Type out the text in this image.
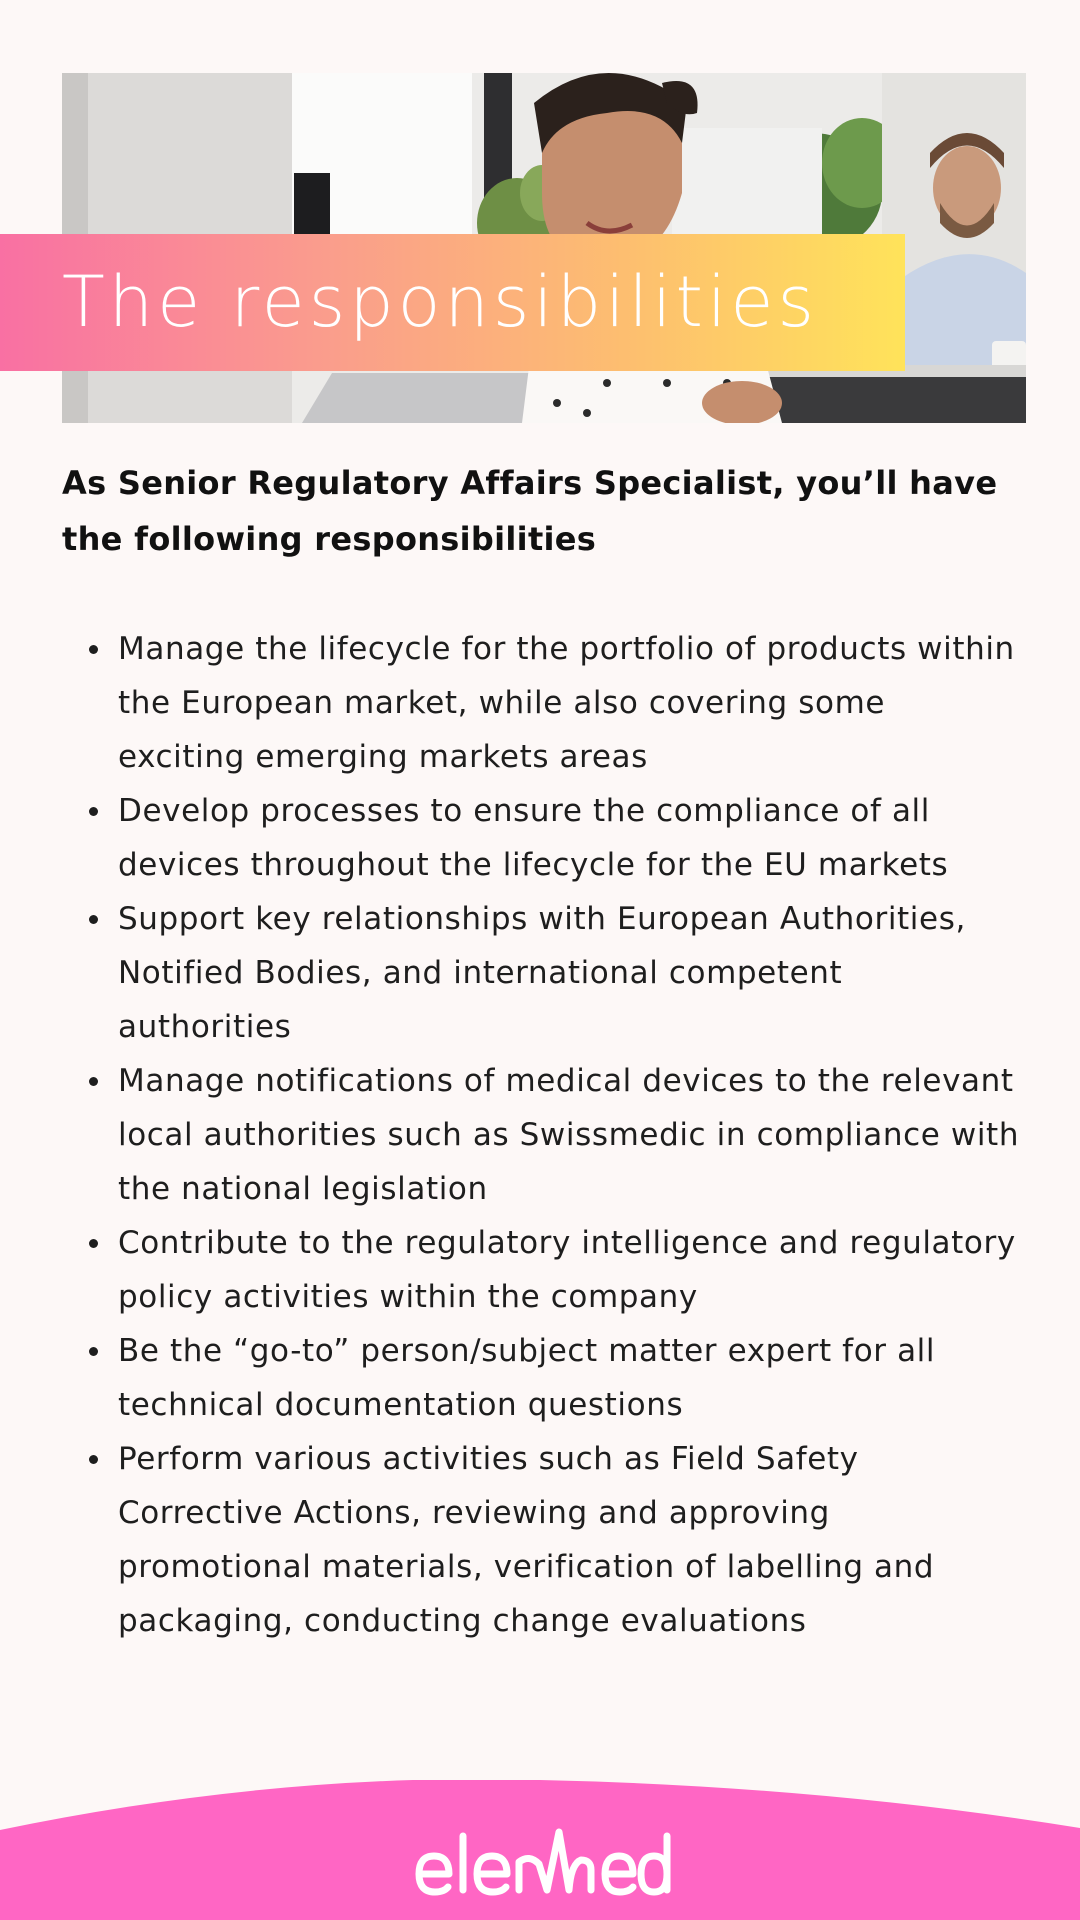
The responsibilities

As Senior Regulatory Affairs Specialist, you’ll have the following responsibilities

Manage the lifecycle for the portfolio of products within the European market, while also covering some exciting emerging markets areas
Develop processes to ensure the compliance of all devices throughout the lifecycle for the EU markets
Support key relationships with European Authorities, Notified Bodies, and international competent authorities
Manage notifications of medical devices to the relevant local authorities such as Swissmedic in compliance with the national legislation
Contribute to the regulatory intelligence and regulatory policy activities within the company
Be the “go-to” person/subject matter expert for all technical documentation questions
Perform various activities such as Field Safety Corrective Actions, reviewing and approving promotional materials, verification of labelling and packaging, conducting change evaluations
